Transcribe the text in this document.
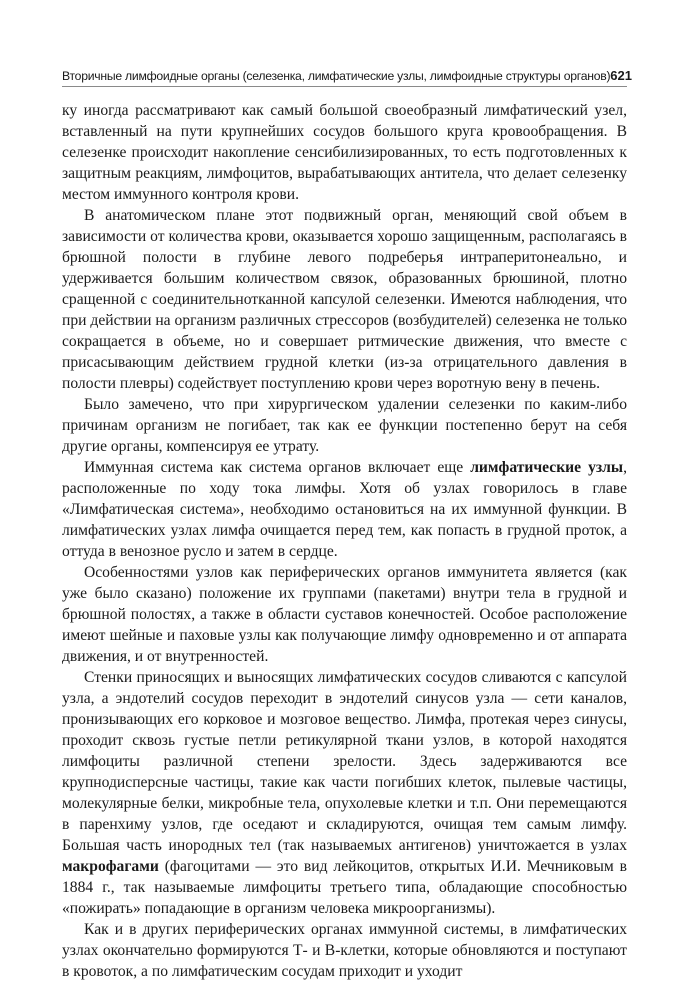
Вторичные лимфоидные органы (селезенка, лимфатические узлы, лимфоидные структуры органов) 621

ку иногда рассматривают как самый большой своеобразный лимфатический узел, вставленный на пути крупнейших сосудов большого круга кровообращения. В селезенке происходит накопление сенсибилизированных, то есть подготовленных к защитным реакциям, лимфоцитов, вырабатывающих антитела, что делает селезенку местом иммунного контроля крови.

В анатомическом плане этот подвижный орган, меняющий свой объем в зависимости от количества крови, оказывается хорошо защищенным, располагаясь в брюшной полости в глубине левого подреберья интраперитонеально, и удерживается большим количеством связок, образованных брюшиной, плотно сращенной с соединительнотканной капсулой селезенки. Имеются наблюдения, что при действии на организм различных стрессоров (возбудителей) селезенка не только сокращается в объеме, но и совершает ритмические движения, что вместе с присасывающим действием грудной клетки (из-за отрицательного давления в полости плевры) содействует поступлению крови через воротную вену в печень.

Было замечено, что при хирургическом удалении селезенки по каким-либо причинам организм не погибает, так как ее функции постепенно берут на себя другие органы, компенсируя ее утрату.

Иммунная система как система органов включает еще лимфатические узлы, расположенные по ходу тока лимфы. Хотя об узлах говорилось в главе «Лимфатическая система», необходимо остановиться на их иммунной функции. В лимфатических узлах лимфа очищается перед тем, как попасть в грудной проток, а оттуда в венозное русло и затем в сердце.

Особенностями узлов как периферических органов иммунитета является (как уже было сказано) положение их группами (пакетами) внутри тела в грудной и брюшной полостях, а также в области суставов конечностей. Особое расположение имеют шейные и паховые узлы как получающие лимфу одновременно и от аппарата движения, и от внутренностей.

Стенки приносящих и выносящих лимфатических сосудов сливаются с капсулой узла, а эндотелий сосудов переходит в эндотелий синусов узла — сети каналов, пронизывающих его корковое и мозговое вещество. Лимфа, протекая через синусы, проходит сквозь густые петли ретикулярной ткани узлов, в которой находятся лимфоциты различной степени зрелости. Здесь задерживаются все крупнодисперсные частицы, такие как части погибших клеток, пылевые частицы, молекулярные белки, микробные тела, опухолевые клетки и т.п. Они перемещаются в паренхиму узлов, где оседают и складируются, очищая тем самым лимфу. Большая часть инородных тел (так называемых антигенов) уничтожается в узлах макрофагами (фагоцитами — это вид лейкоцитов, открытых И.И. Мечниковым в 1884 г., так называемые лимфоциты третьего типа, обладающие способностью «пожирать» попадающие в организм человека микроорганизмы).

Как и в других периферических органах иммунной системы, в лимфатических узлах окончательно формируются Т- и В-клетки, которые обновляются и поступают в кровоток, а по лимфатическим сосудам приходит и уходит
